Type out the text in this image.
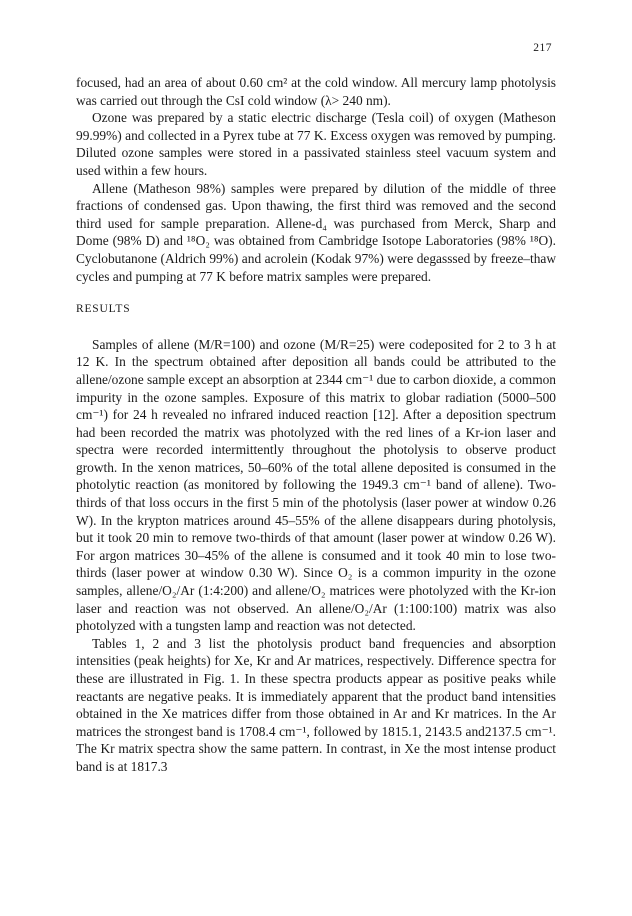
217

focused, had an area of about 0.60 cm² at the cold window. All mercury lamp photolysis was carried out through the CsI cold window (λ> 240 nm).

Ozone was prepared by a static electric discharge (Tesla coil) of oxygen (Matheson 99.99%) and collected in a Pyrex tube at 77 K. Excess oxygen was removed by pumping. Diluted ozone samples were stored in a passivated stainless steel vacuum system and used within a few hours.

Allene (Matheson 98%) samples were prepared by dilution of the middle of three fractions of condensed gas. Upon thawing, the first third was removed and the second third used for sample preparation. Allene-d₄ was purchased from Merck, Sharp and Dome (98% D) and ¹⁸O₂ was obtained from Cambridge Isotope Laboratories (98% ¹⁸O). Cyclobutanone (Aldrich 99%) and acrolein (Kodak 97%) were degasssed by freeze–thaw cycles and pumping at 77 K before matrix samples were prepared.

RESULTS

Samples of allene (M/R=100) and ozone (M/R=25) were codeposited for 2 to 3 h at 12 K. In the spectrum obtained after deposition all bands could be attributed to the allene/ozone sample except an absorption at 2344 cm⁻¹ due to carbon dioxide, a common impurity in the ozone samples. Exposure of this matrix to globar radiation (5000–500 cm⁻¹) for 24 h revealed no infrared induced reaction [12]. After a deposition spectrum had been recorded the matrix was photolyzed with the red lines of a Kr-ion laser and spectra were recorded intermittently throughout the photolysis to observe product growth. In the xenon matrices, 50–60% of the total allene deposited is consumed in the photolytic reaction (as monitored by following the 1949.3 cm⁻¹ band of allene). Two-thirds of that loss occurs in the first 5 min of the photolysis (laser power at window 0.26 W). In the krypton matrices around 45–55% of the allene disappears during photolysis, but it took 20 min to remove two-thirds of that amount (laser power at window 0.26 W). For argon matrices 30–45% of the allene is consumed and it took 40 min to lose two-thirds (laser power at window 0.30 W). Since O₂ is a common impurity in the ozone samples, allene/O₂/Ar (1:4:200) and allene/O₂ matrices were photolyzed with the Kr-ion laser and reaction was not observed. An allene/O₂/Ar (1:100:100) matrix was also photolyzed with a tungsten lamp and reaction was not detected.

Tables 1, 2 and 3 list the photolysis product band frequencies and absorption intensities (peak heights) for Xe, Kr and Ar matrices, respectively. Difference spectra for these are illustrated in Fig. 1. In these spectra products appear as positive peaks while reactants are negative peaks. It is immediately apparent that the product band intensities obtained in the Xe matrices differ from those obtained in Ar and Kr matrices. In the Ar matrices the strongest band is 1708.4 cm⁻¹, followed by 1815.1, 2143.5 and2137.5 cm⁻¹. The Kr matrix spectra show the same pattern. In contrast, in Xe the most intense product band is at 1817.3
